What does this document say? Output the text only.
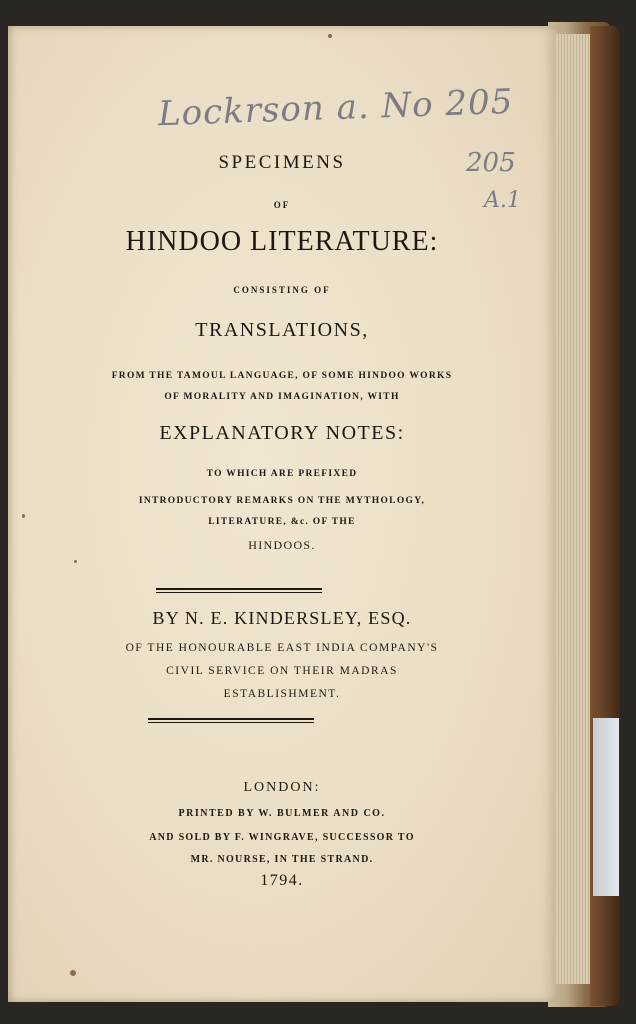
Lockrson a. No 205
205
A.1
SPECIMENS
OF
HINDOO LITERATURE:
CONSISTING OF
TRANSLATIONS,
FROM THE TAMOUL LANGUAGE, OF SOME HINDOO WORKS
OF MORALITY AND IMAGINATION, WITH
EXPLANATORY NOTES:
TO WHICH ARE PREFIXED
INTRODUCTORY REMARKS ON THE MYTHOLOGY,
LITERATURE, &c. OF THE
HINDOOS.
BY N. E. KINDERSLEY, ESQ.
OF THE HONOURABLE EAST INDIA COMPANY'S
CIVIL SERVICE ON THEIR MADRAS
ESTABLISHMENT.
LONDON:
PRINTED BY W. BULMER AND CO.
AND SOLD BY F. WINGRAVE, SUCCESSOR TO
MR. NOURSE, IN THE STRAND.
1794.
